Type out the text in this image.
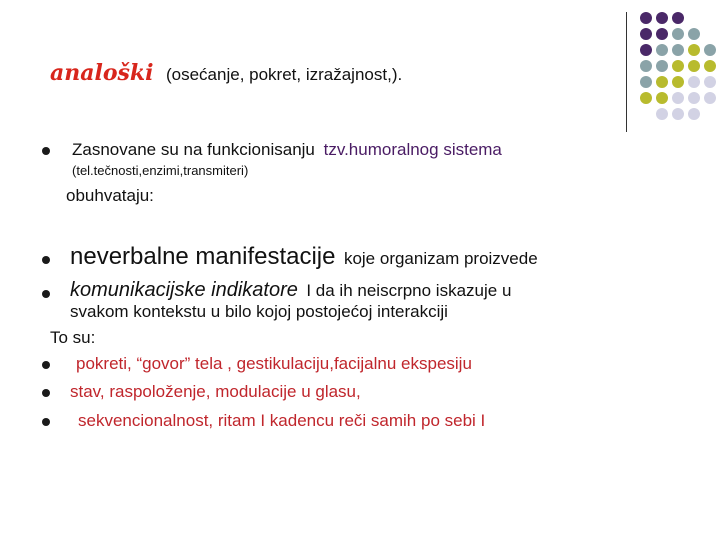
analoški (osećanje, pokret, izražajnost,).
Zasnovane su na funkcionisanju tzv.humoralnog sistema
(tel.tečnosti,enzimi,transmiteri)
obuhvataju:
neverbalne manifestacije koje organizam proizvede
komunikacijske indikatore I da ih neiscrpno iskazuje u
svakom kontekstu u bilo kojoj postojećoj interakciji
To su:
pokreti, “govor” tela , gestikulaciju,facijalnu ekspesiju
stav, raspoloženje, modulacije u glasu,
sekvencionalnost, ritam I kadencu reči samih po sebi I
